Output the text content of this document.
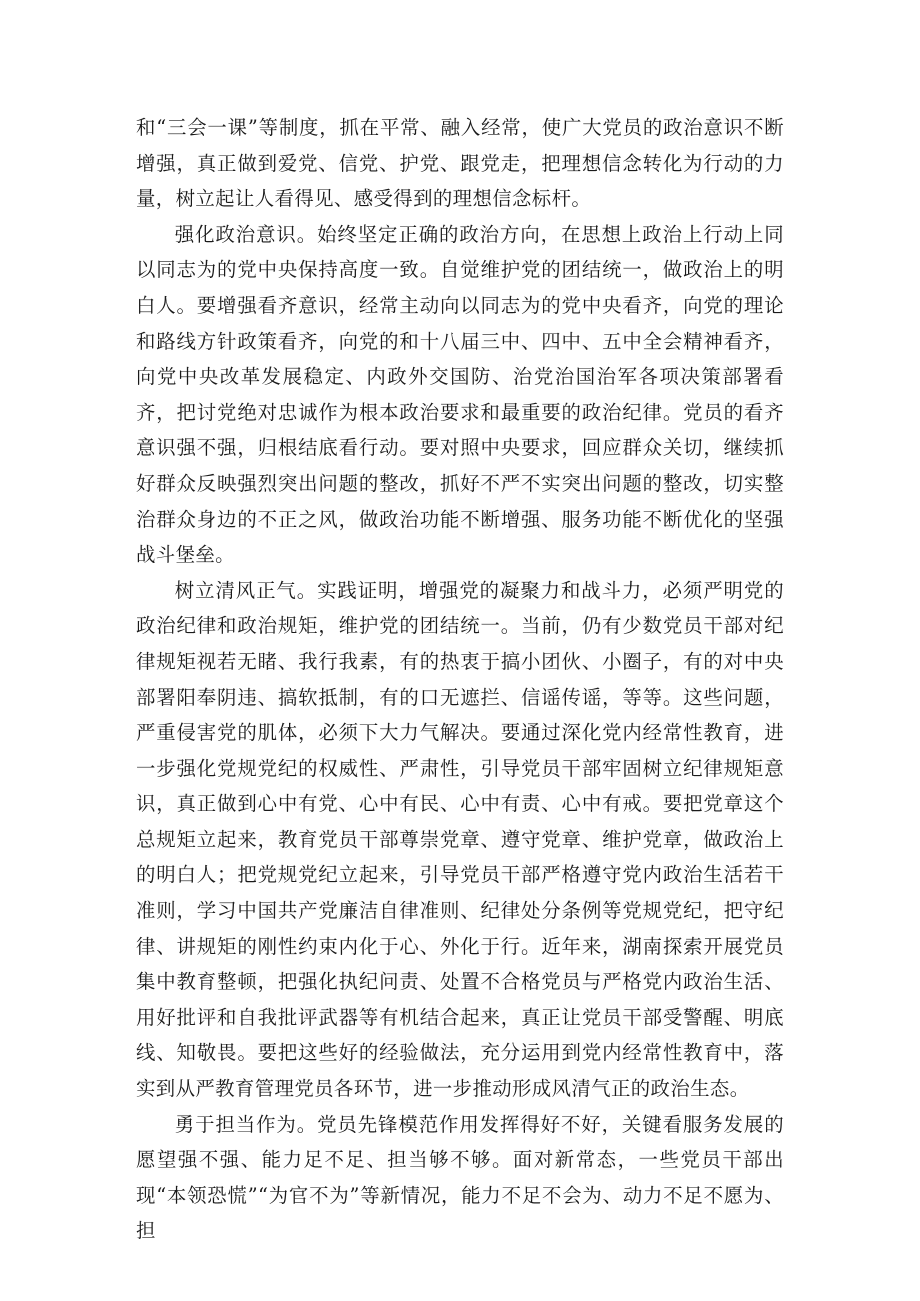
和“三会一课”等制度，抓在平常、融入经常，使广大党员的政治意识不断增强，真正做到爱党、信党、护党、跟党走，把理想信念转化为行动的力量，树立起让人看得见、感受得到的理想信念标杆。

强化政治意识。始终坚定正确的政治方向，在思想上政治上行动上同以同志为的党中央保持高度一致。自觉维护党的团结统一，做政治上的明白人。要增强看齐意识，经常主动向以同志为的党中央看齐，向党的理论和路线方针政策看齐，向党的和十八届三中、四中、五中全会精神看齐，向党中央改革发展稳定、内政外交国防、治党治国治军各项决策部署看齐，把讨党绝对忠诚作为根本政治要求和最重要的政治纪律。党员的看齐意识强不强，归根结底看行动。要对照中央要求，回应群众关切，继续抓好群众反映强烈突出问题的整改，抓好不严不实突出问题的整改，切实整治群众身边的不正之风，做政治功能不断增强、服务功能不断优化的坚强战斗堡垒。

树立清风正气。实践证明，增强党的凝聚力和战斗力，必须严明党的政治纪律和政治规矩，维护党的团结统一。当前，仍有少数党员干部对纪律规矩视若无睹、我行我素，有的热衷于搞小团伙、小圈子，有的对中央部署阳奉阴违、搞软抵制，有的口无遮拦、信谣传谣，等等。这些问题，严重侵害党的肌体，必须下大力气解决。要通过深化党内经常性教育，进一步强化党规党纪的权威性、严肃性，引导党员干部牢固树立纪律规矩意识，真正做到心中有党、心中有民、心中有责、心中有戒。要把党章这个总规矩立起来，教育党员干部尊崇党章、遵守党章、维护党章，做政治上的明白人；把党规党纪立起来，引导党员干部严格遵守党内政治生活若干准则，学习中国共产党廉洁自律准则、纪律处分条例等党规党纪，把守纪律、讲规矩的刚性约束内化于心、外化于行。近年来，湖南探索开展党员集中教育整顿，把强化执纪问责、处置不合格党员与严格党内政治生活、用好批评和自我批评武器等有机结合起来，真正让党员干部受警醒、明底线、知敬畏。要把这些好的经验做法，充分运用到党内经常性教育中，落实到从严教育管理党员各环节，进一步推动形成风清气正的政治生态。

勇于担当作为。党员先锋模范作用发挥得好不好，关键看服务发展的愿望强不强、能力足不足、担当够不够。面对新常态，一些党员干部出现“本领恐慌”“为官不为”等新情况，能力不足不会为、动力不足不愿为、担
